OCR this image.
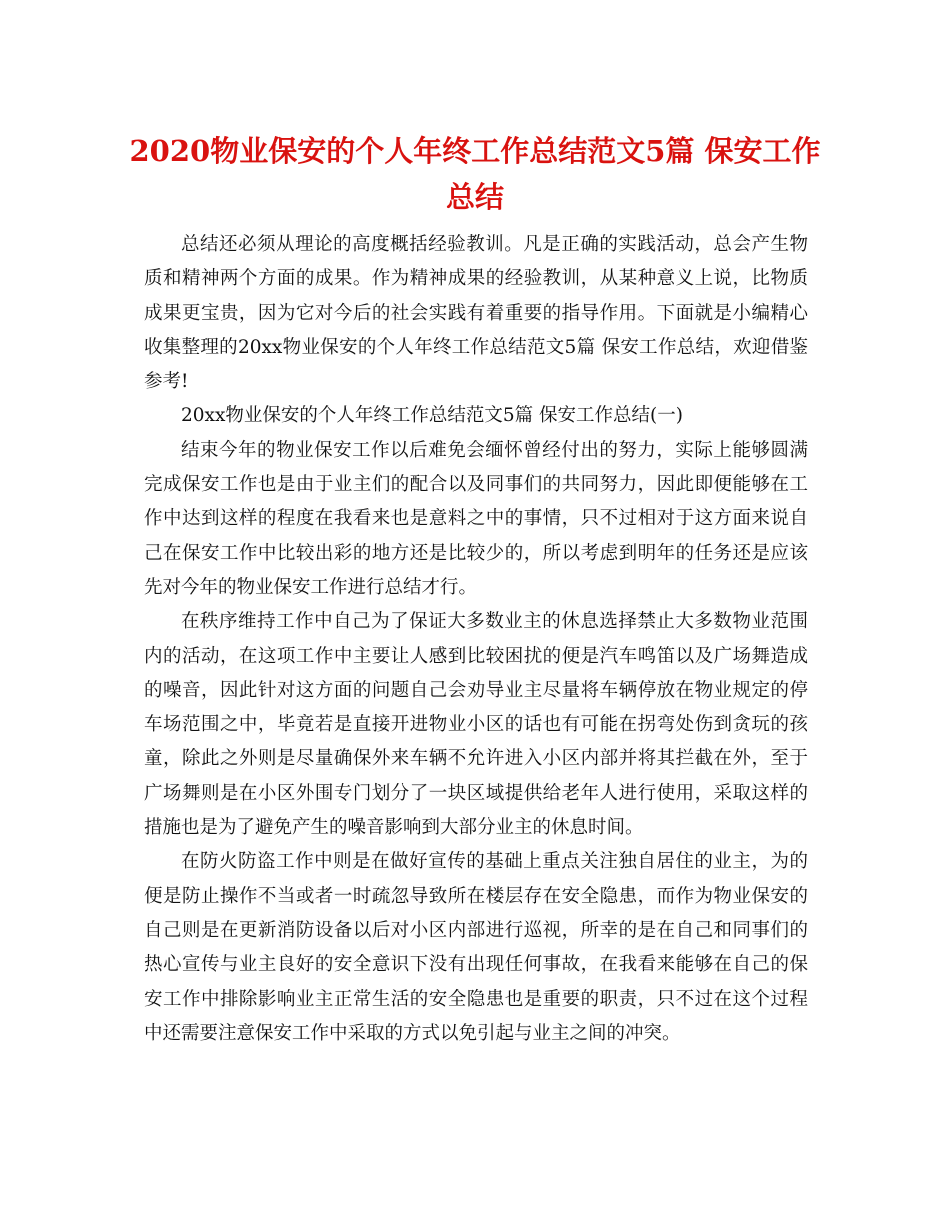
2020物业保安的个人年终工作总结范文5篇 保安工作总结

总结还必须从理论的高度概括经验教训。凡是正确的实践活动，总会产生物质和精神两个方面的成果。作为精神成果的经验教训，从某种意义上说，比物质成果更宝贵，因为它对今后的社会实践有着重要的指导作用。下面就是小编精心收集整理的20xx物业保安的个人年终工作总结范文5篇 保安工作总结，欢迎借鉴参考!

20xx物业保安的个人年终工作总结范文5篇 保安工作总结(一)

结束今年的物业保安工作以后难免会缅怀曾经付出的努力，实际上能够圆满完成保安工作也是由于业主们的配合以及同事们的共同努力，因此即便能够在工作中达到这样的程度在我看来也是意料之中的事情，只不过相对于这方面来说自己在保安工作中比较出彩的地方还是比较少的，所以考虑到明年的任务还是应该先对今年的物业保安工作进行总结才行。

在秩序维持工作中自己为了保证大多数业主的休息选择禁止大多数物业范围内的活动，在这项工作中主要让人感到比较困扰的便是汽车鸣笛以及广场舞造成的噪音，因此针对这方面的问题自己会劝导业主尽量将车辆停放在物业规定的停车场范围之中，毕竟若是直接开进物业小区的话也有可能在拐弯处伤到贪玩的孩童，除此之外则是尽量确保外来车辆不允许进入小区内部并将其拦截在外，至于广场舞则是在小区外围专门划分了一块区域提供给老年人进行使用，采取这样的措施也是为了避免产生的噪音影响到大部分业主的休息时间。

在防火防盗工作中则是在做好宣传的基础上重点关注独自居住的业主，为的便是防止操作不当或者一时疏忽导致所在楼层存在安全隐患，而作为物业保安的自己则是在更新消防设备以后对小区内部进行巡视，所幸的是在自己和同事们的热心宣传与业主良好的安全意识下没有出现任何事故，在我看来能够在自己的保安工作中排除影响业主正常生活的安全隐患也是重要的职责，只不过在这个过程中还需要注意保安工作中采取的方式以免引起与业主之间的冲突。
